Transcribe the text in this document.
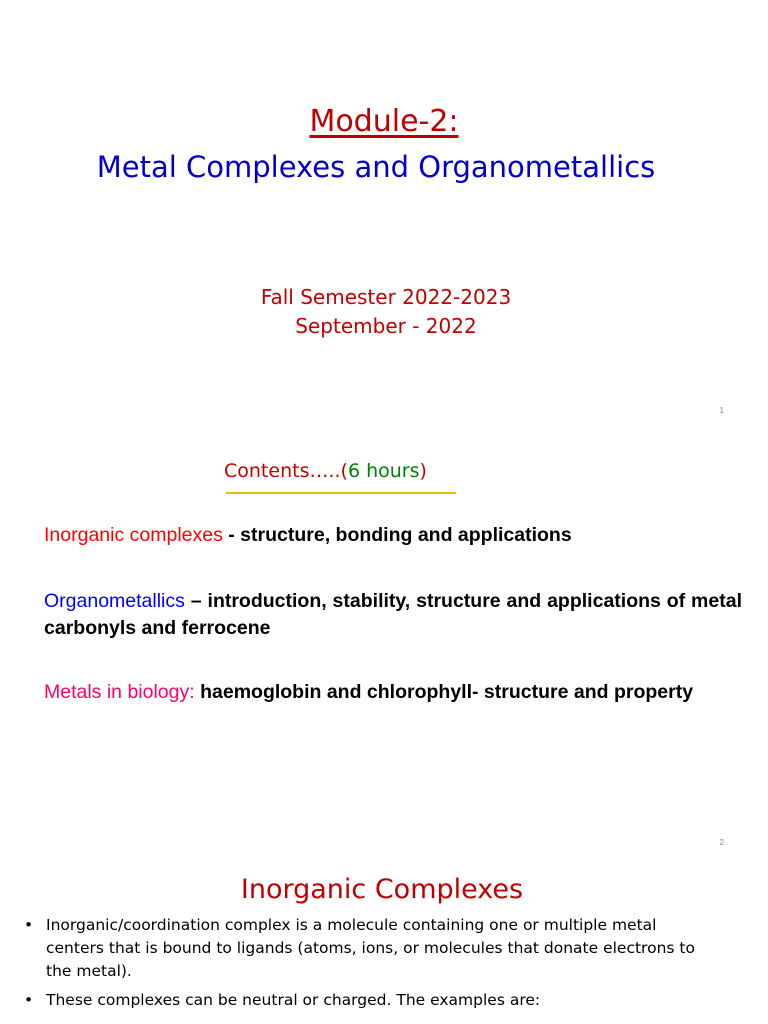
Module-2:
Metal Complexes and Organometallics
Fall Semester 2022-2023
September - 2022
1
Contents…..(6 hours)
Inorganic complexes - structure, bonding and applications
Organometallics – introduction, stability, structure and applications of metal carbonyls and ferrocene
Metals in biology: haemoglobin and chlorophyll- structure and property
2
Inorganic Complexes
• Inorganic/coordination complex is a molecule containing one or multiple metal centers that is bound to ligands (atoms, ions, or molecules that donate electrons to the metal).
• These complexes can be neutral or charged. The examples are:
